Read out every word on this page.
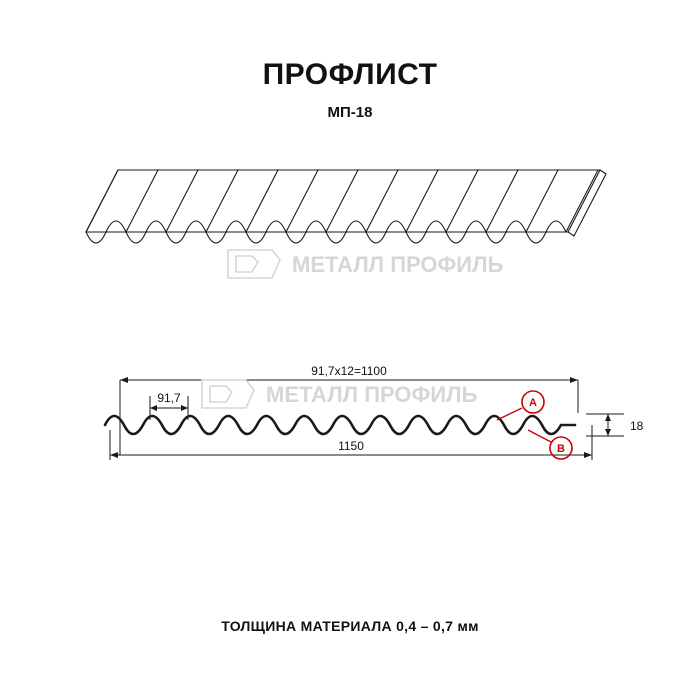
ПРОФЛИСТ
МП-18
МЕТАЛЛ ПРОФИЛЬ
A
B
91,7x12=1100
91,7
1150
18
МЕТАЛЛ ПРОФИЛЬ
ТОЛЩИНА МАТЕРИАЛА 0,4 – 0,7 мм
